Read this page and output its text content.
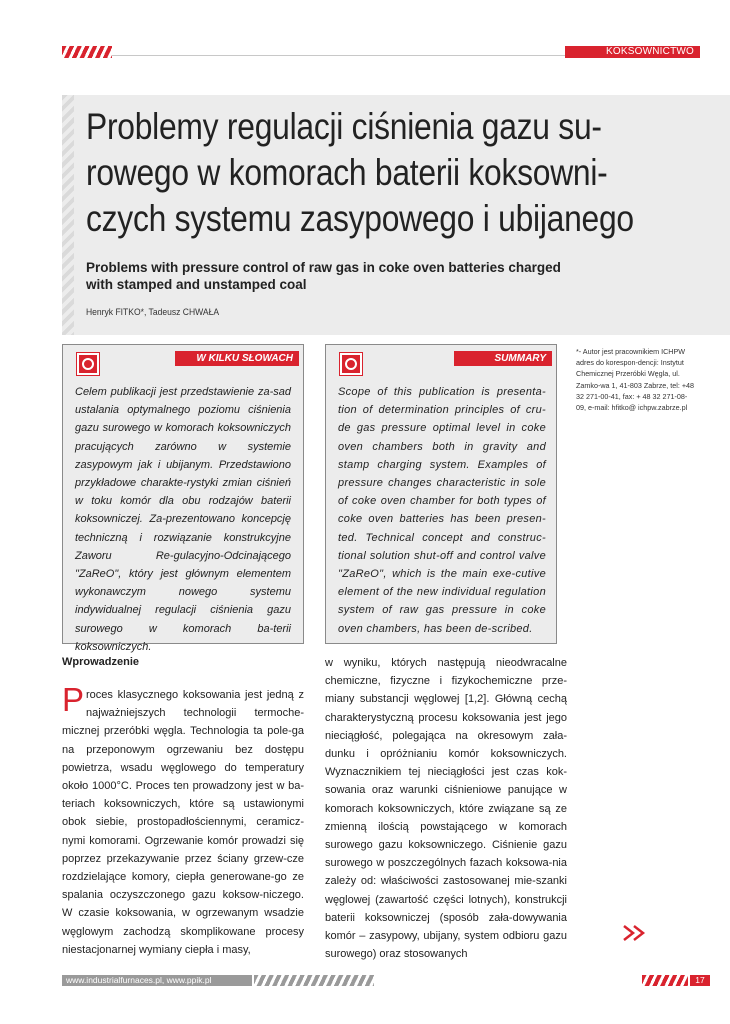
KOKSOWNICTWO
Problemy regulacji ciśnienia gazu su-
rowego w komorach baterii koksowni-
czych systemu zasypowego i ubijanego
Problems with pressure control of raw gas in coke oven batteries charged
with stamped and unstamped coal
Henryk FITKO*, Tadeusz CHWAŁA
W KILKU SŁOWACH
Celem publikacji jest przedstawienie za-sad ustalania optymalnego poziomu ciśnienia gazu surowego w komorach koksowniczych pracujących zarówno w systemie zasypowym jak i ubijanym. Przedstawiono przykładowe charakte-rystyki zmian ciśnień w toku komór dla obu rodzajów baterii koksowniczej. Za-prezentowano koncepcję techniczną i rozwiązanie konstrukcyjne Zaworu Re-gulacyjno-Odcinającego "ZaReO", który jest głównym elementem wykonawczym nowego systemu indywidualnej regulacji ciśnienia gazu surowego w komorach ba-terii koksowniczych.
SUMMARY
Scope of this publication is presenta-tion of determination principles of cru-de gas pressure optimal level in coke oven chambers both in gravity and stamp charging system. Examples of pressure changes characteristic in sole of coke oven chamber for both types of coke oven batteries has been presen-ted. Technical concept and construc-tional solution shut-off and control valve "ZaReO", which is the main exe-cutive element of the new individual regulation system of raw gas pressure in coke oven chambers, has been de-scribed.
*- Autor jest pracownikiem ICHPW adres do korespon-dencji: Instytut Chemicznej Przeróbki Węgla, ul. Zamko-wa 1, 41-803 Zabrze, tel: +48 32 271-00-41, fax: + 48 32 271-08-09, e-mail: hfitko@ ichpw.zabrze.pl
Wprowadzenie

Proces klasycznego koksowania jest jedną z najważniejszych technologii termoche-micznej przeróbki węgla. Technologia ta pole-ga na przeponowym ogrzewaniu bez dostępu powietrza, wsadu węglowego do temperatury około 1000°C. Proces ten prowadzony jest w ba-teriach koksowniczych, które są ustawionymi obok siebie, prostopadłościennymi, ceramicz-nymi komorami. Ogrzewanie komór prowadzi się poprzez przekazywanie przez ściany grzew-cze rozdzielające komory, ciepła generowane-go ze spalania oczyszczonego gazu koksow-niczego. W czasie koksowania, w ogrzewanym wsadzie węglowym zachodzą skomplikowane procesy niestacjonarnej wymiany ciepła i masy,

w wyniku, których następują nieodwracalne chemiczne, fizyczne i fizykochemiczne prze-miany substancji węglowej [1,2]. Główną cechą charakterystyczną procesu koksowania jest jego nieciągłość, polegająca na okresowym zała-dunku i opróżnianiu komór koksowniczych. Wyznacznikiem tej nieciągłości jest czas kok-sowania oraz warunki ciśnieniowe panujące w komorach koksowniczych, które związane są ze zmienną ilością powstającego w komorach surowego gazu koksowniczego. Ciśnienie gazu surowego w poszczególnych fazach koksowa-nia zależy od: właściwości zastosowanej mie-szanki węglowej (zawartość części lotnych), konstrukcji baterii koksowniczej (sposób zała-dowywania komór – zasypowy, ubijany, system odbioru gazu surowego) oraz stosowanych

www.industrialfurnaces.pl, www.ppik.pl	17
